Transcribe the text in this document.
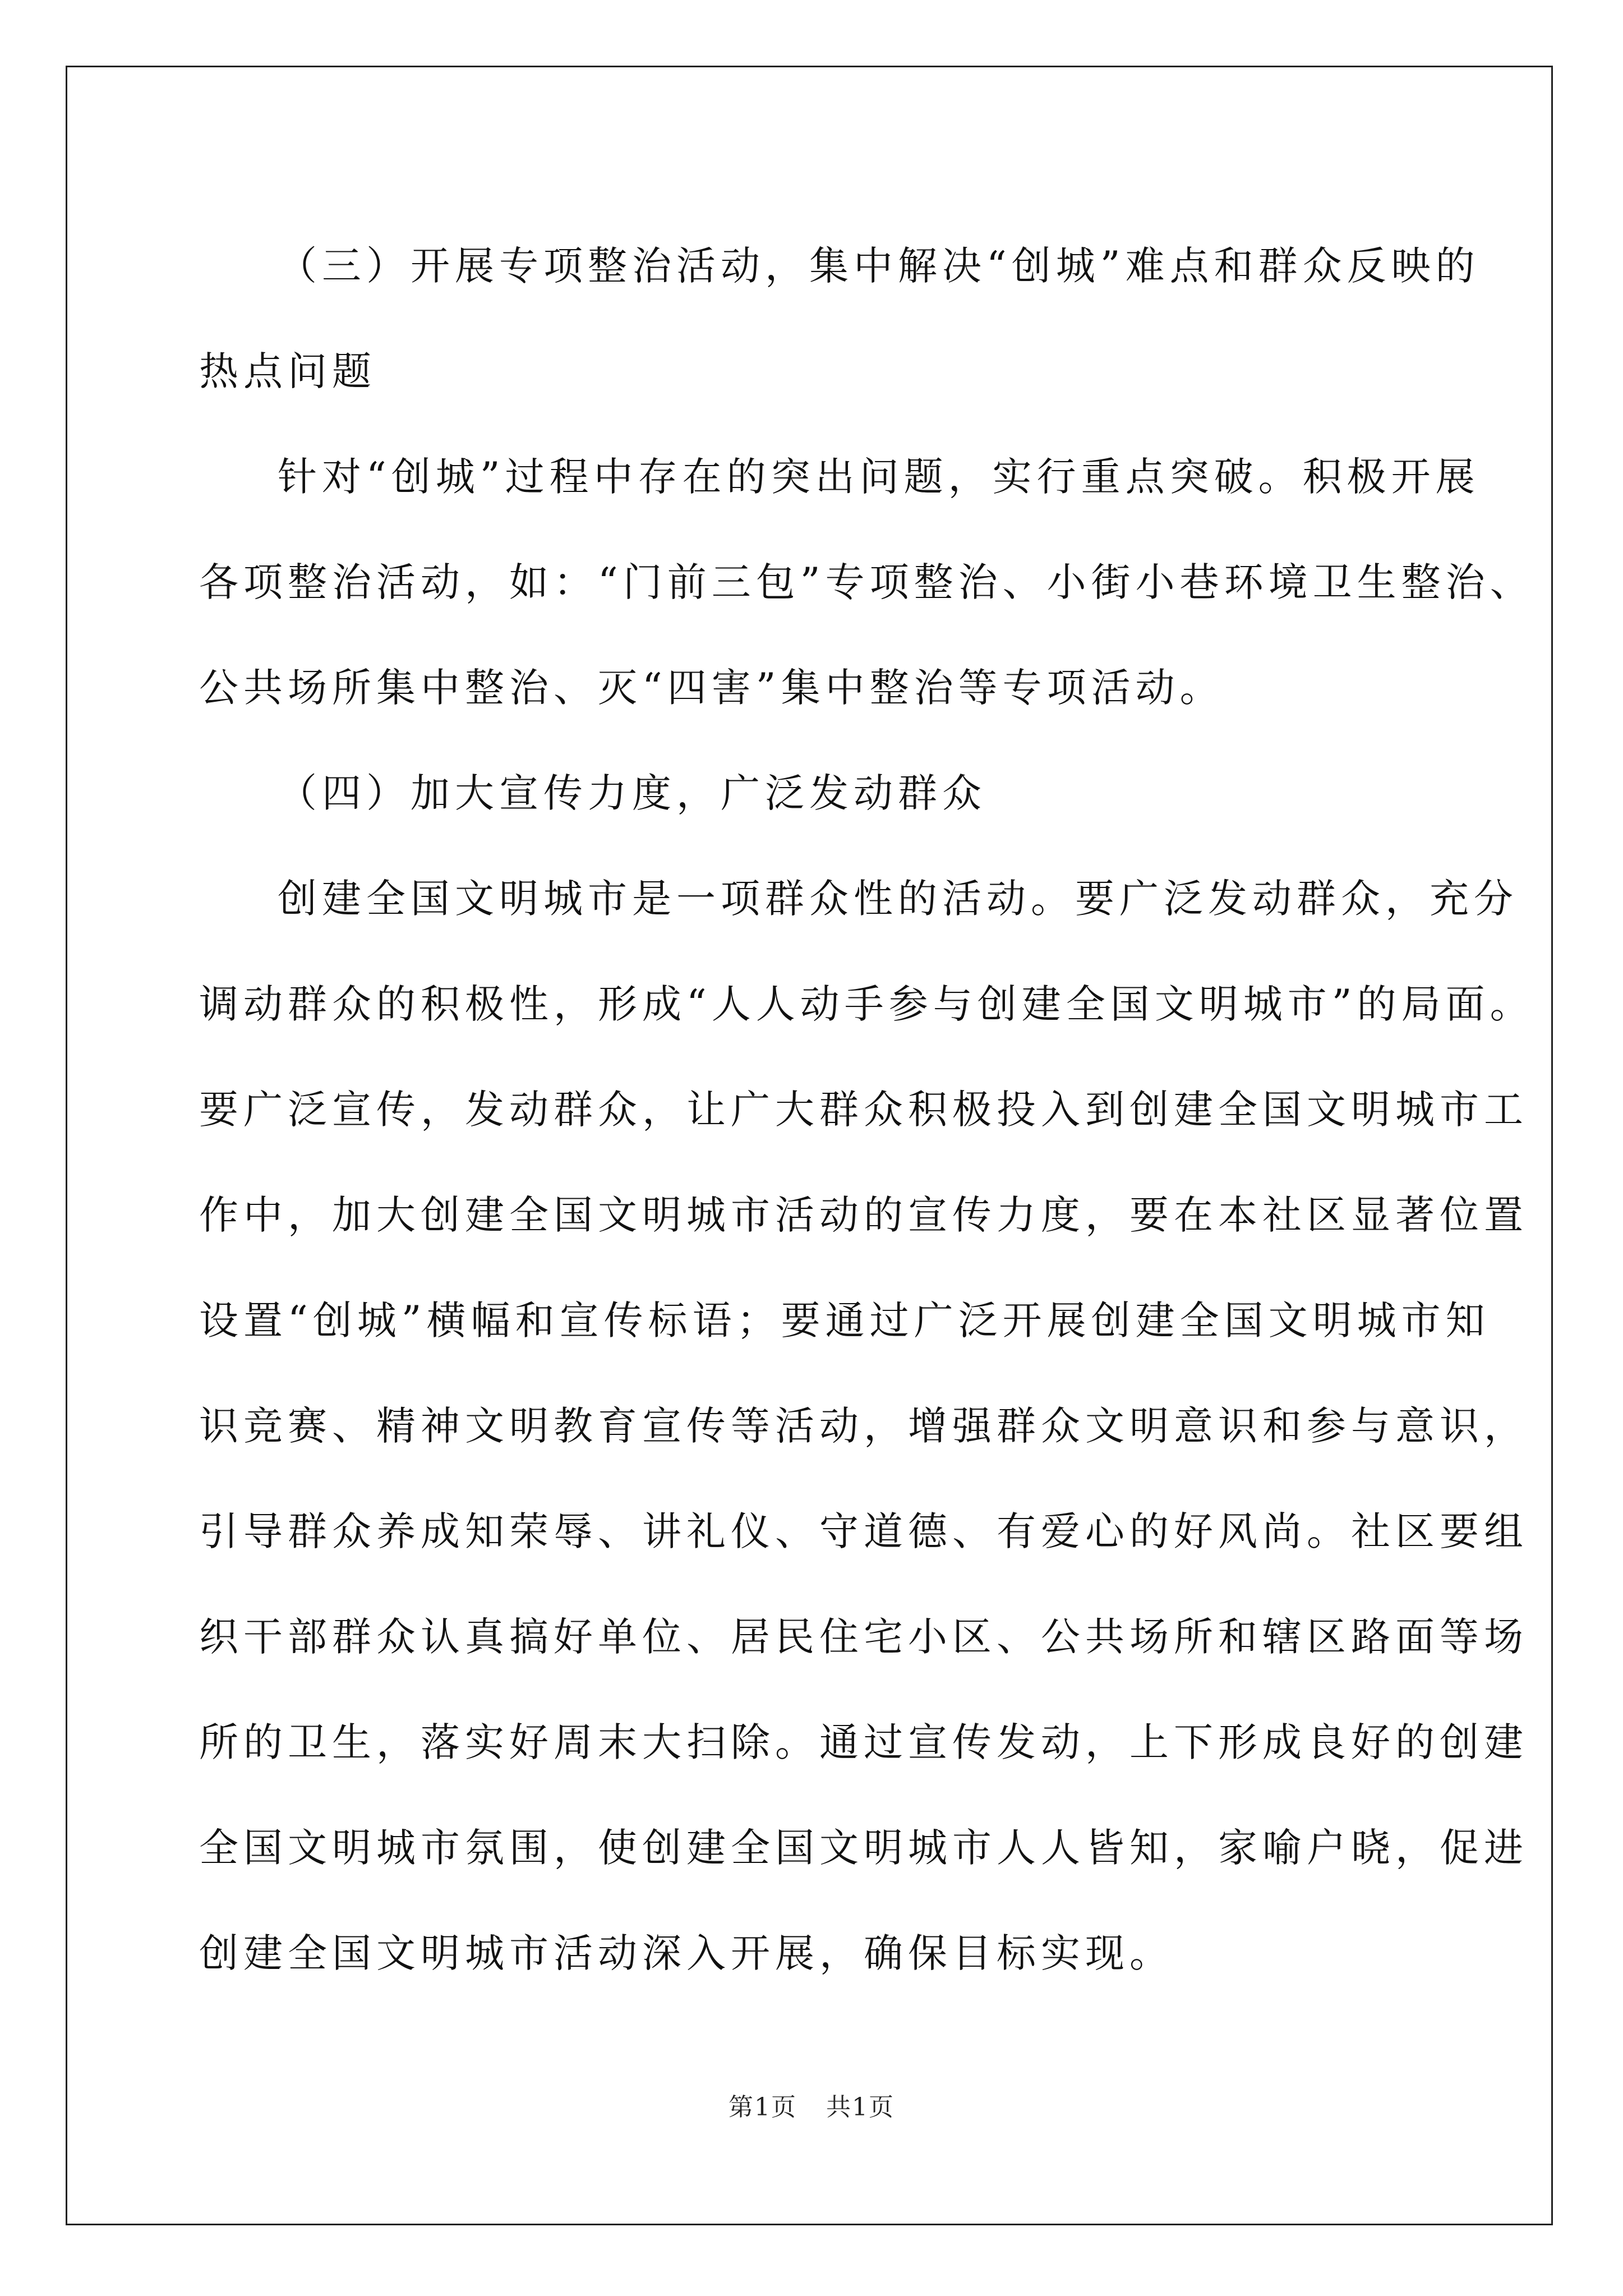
（三）开展专项整治活动，集中解决“创城”难点和群众反映的
热点问题
针对“创城”过程中存在的突出问题，实行重点突破。积极开展
各项整治活动，如：“门前三包”专项整治、小街小巷环境卫生整治、
公共场所集中整治、灭“四害”集中整治等专项活动。
（四）加大宣传力度，广泛发动群众
创建全国文明城市是一项群众性的活动。要广泛发动群众，充分
调动群众的积极性，形成“人人动手参与创建全国文明城市”的局面。
要广泛宣传，发动群众，让广大群众积极投入到创建全国文明城市工
作中，加大创建全国文明城市活动的宣传力度，要在本社区显著位置
设置“创城”横幅和宣传标语；要通过广泛开展创建全国文明城市知
识竞赛、精神文明教育宣传等活动，增强群众文明意识和参与意识，
引导群众养成知荣辱、讲礼仪、守道德、有爱心的好风尚。社区要组
织干部群众认真搞好单位、居民住宅小区、公共场所和辖区路面等场
所的卫生，落实好周末大扫除。通过宣传发动，上下形成良好的创建
全国文明城市氛围，使创建全国文明城市人人皆知，家喻户晓，促进
创建全国文明城市活动深入开展，确保目标实现。
第1页 共1页
